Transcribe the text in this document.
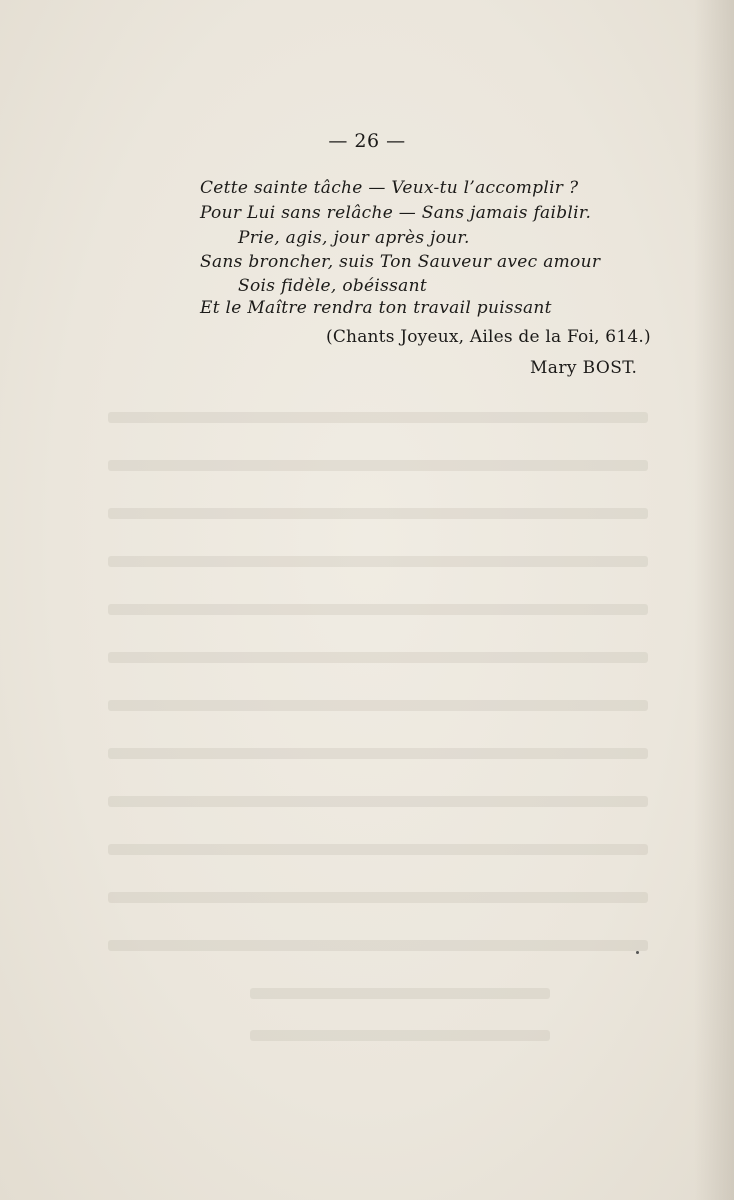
— 26 —
Cette sainte tâche — Veux-tu l’accomplir ?
Pour Lui sans relâche — Sans jamais faiblir.
Prie, agis, jour après jour.
Sans broncher, suis Ton Sauveur avec amour
Sois fidèle, obéissant
Et le Maître rendra ton travail puissant
(Chants Joyeux, Ailes de la Foi, 614.)
Mary BOST.
